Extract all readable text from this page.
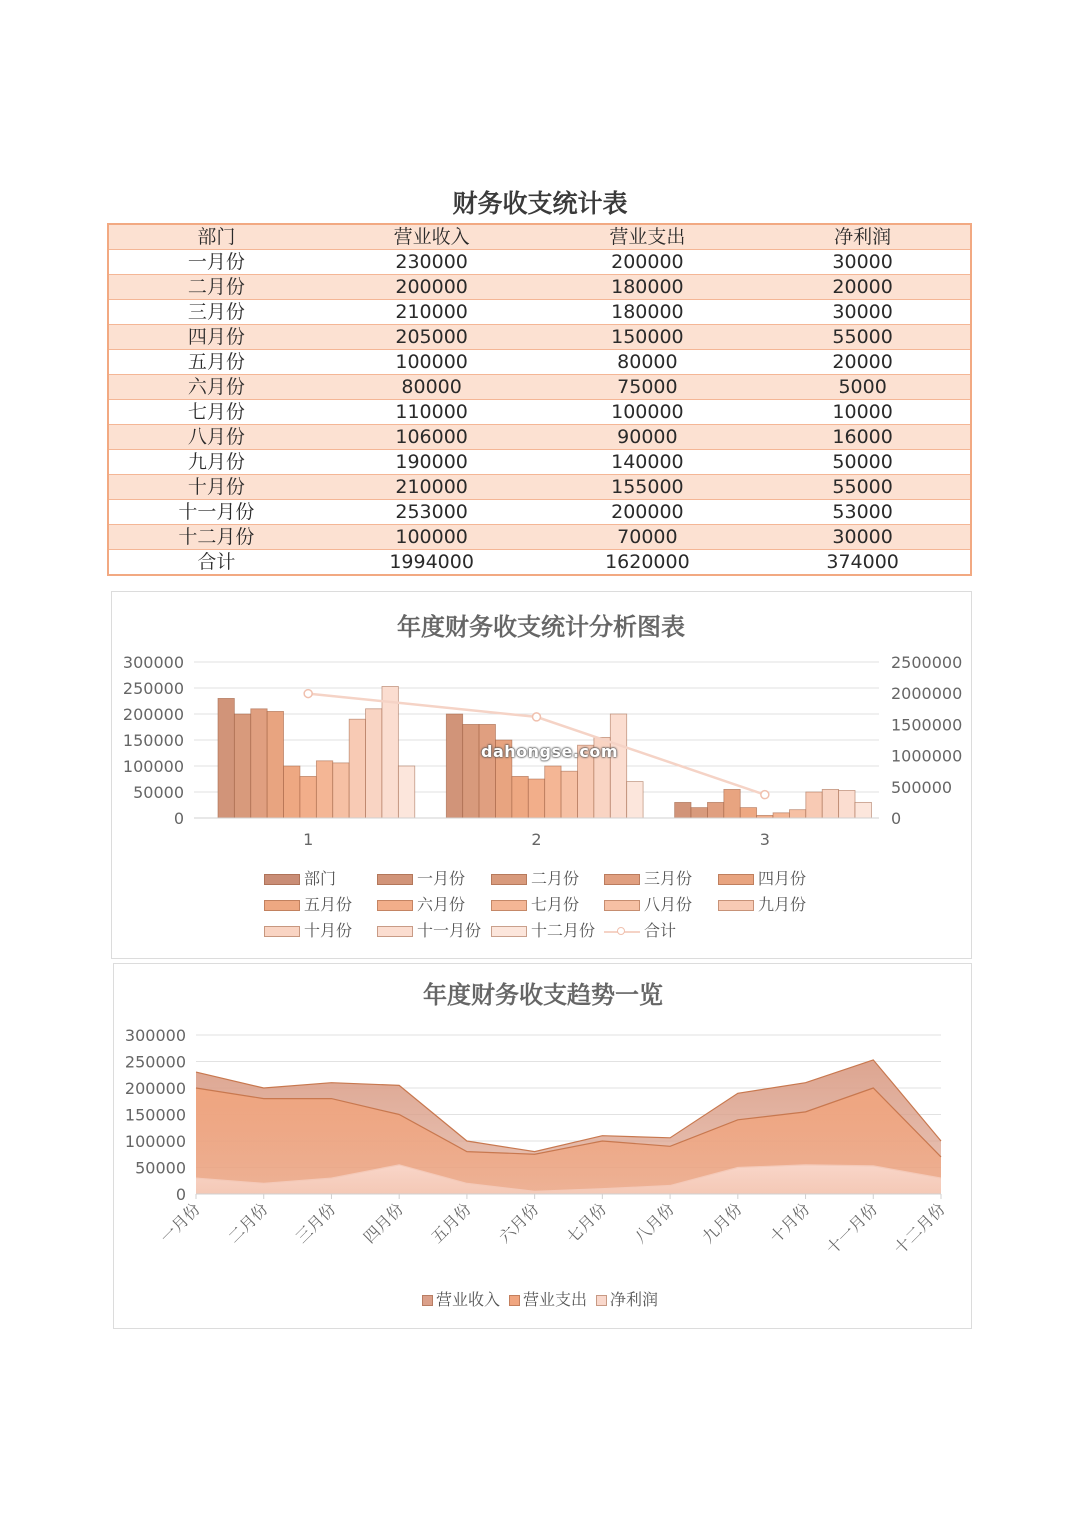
财务收支统计表
部门	营业收入	营业支出	净利润
一月份	230000	200000	30000
二月份	200000	180000	20000
三月份	210000	180000	30000
四月份	205000	150000	55000
五月份	100000	80000	20000
六月份	80000	75000	5000
七月份	110000	100000	10000
八月份	106000	90000	16000
九月份	190000	140000	50000
十月份	210000	155000	55000
十一月份	253000	200000	53000
十二月份	100000	70000	30000
合计	1994000	1620000	374000
年度财务收支统计分析图表
0
50000
100000
150000
200000
250000
300000
0
500000
1000000
1500000
2000000
2500000
1	2	3
dahongse.com
部门	一月份	二月份	三月份	四月份
五月份	六月份	七月份	八月份	九月份
十月份	十一月份	十二月份	合计
年度财务收支趋势一览
0
50000
100000
150000
200000
250000
300000
一月份 二月份 三月份 四月份 五月份 六月份 七月份 八月份 九月份 十月份 十一月份 十二月份
营业收入	营业支出	净利润
